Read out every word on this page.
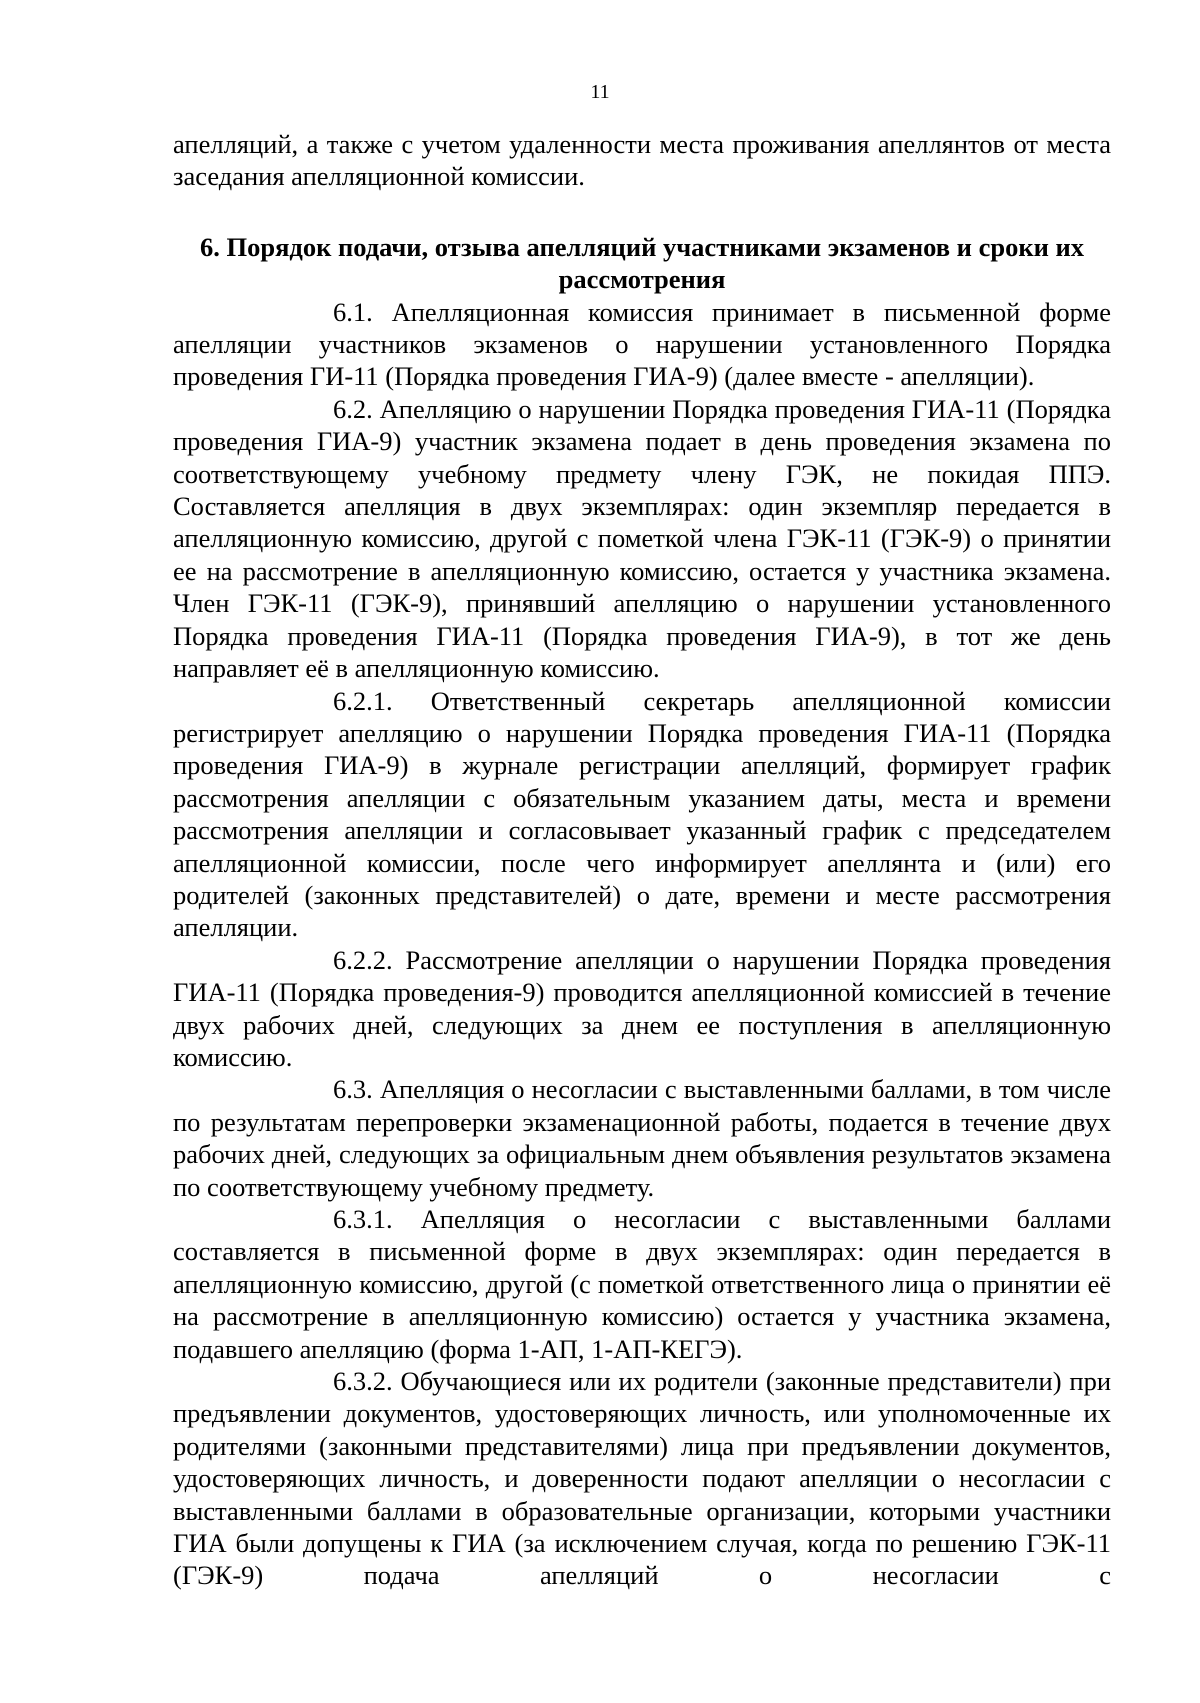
11

апелляций, а также с учетом удаленности места проживания апеллянтов от места заседания апелляционной комиссии.

6. Порядок подачи, отзыва апелляций участниками экзаменов и сроки их рассмотрения

6.1. Апелляционная комиссия принимает в письменной форме апелляции участников экзаменов о нарушении установленного Порядка проведения ГИ-11 (Порядка проведения ГИА-9) (далее вместе - апелляции).

6.2. Апелляцию о нарушении Порядка проведения ГИА-11 (Порядка проведения ГИА-9) участник экзамена подает в день проведения экзамена по соответствующему учебному предмету члену ГЭК, не покидая ППЭ. Составляется апелляция в двух экземплярах: один экземпляр передается в апелляционную комиссию, другой с пометкой члена ГЭК-11 (ГЭК-9) о принятии ее на рассмотрение в апелляционную комиссию, остается у участника экзамена. Член ГЭК-11 (ГЭК-9), принявший апелляцию о нарушении установленного Порядка проведения ГИА-11 (Порядка проведения ГИА-9), в тот же день направляет её в апелляционную комиссию.

6.2.1. Ответственный секретарь апелляционной комиссии регистрирует апелляцию о нарушении Порядка проведения ГИА-11 (Порядка проведения ГИА-9) в журнале регистрации апелляций, формирует график рассмотрения апелляции с обязательным указанием даты, места и времени рассмотрения апелляции и согласовывает указанный график с председателем апелляционной комиссии, после чего информирует апеллянта и (или) его родителей (законных представителей) о дате, времени и месте рассмотрения апелляции.

6.2.2. Рассмотрение апелляции о нарушении Порядка проведения ГИА-11 (Порядка проведения-9) проводится апелляционной комиссией в течение двух рабочих дней, следующих за днем ее поступления в апелляционную комиссию.

6.3. Апелляция о несогласии с выставленными баллами, в том числе по результатам перепроверки экзаменационной работы, подается в течение двух рабочих дней, следующих за официальным днем объявления результатов экзамена по соответствующему учебному предмету.

6.3.1. Апелляция о несогласии с выставленными баллами составляется в письменной форме в двух экземплярах: один передается в апелляционную комиссию, другой (с пометкой ответственного лица о принятии её на рассмотрение в апелляционную комиссию) остается у участника экзамена, подавшего апелляцию (форма 1-АП, 1-АП-КЕГЭ).

6.3.2. Обучающиеся или их родители (законные представители) при предъявлении документов, удостоверяющих личность, или уполномоченные их родителями (законными представителями) лица при предъявлении документов, удостоверяющих личность, и доверенности подают апелляции о несогласии с выставленными баллами в образовательные организации, которыми участники ГИА были допущены к ГИА (за исключением случая, когда по решению ГЭК-11 (ГЭК-9) подача апелляций о несогласии с
